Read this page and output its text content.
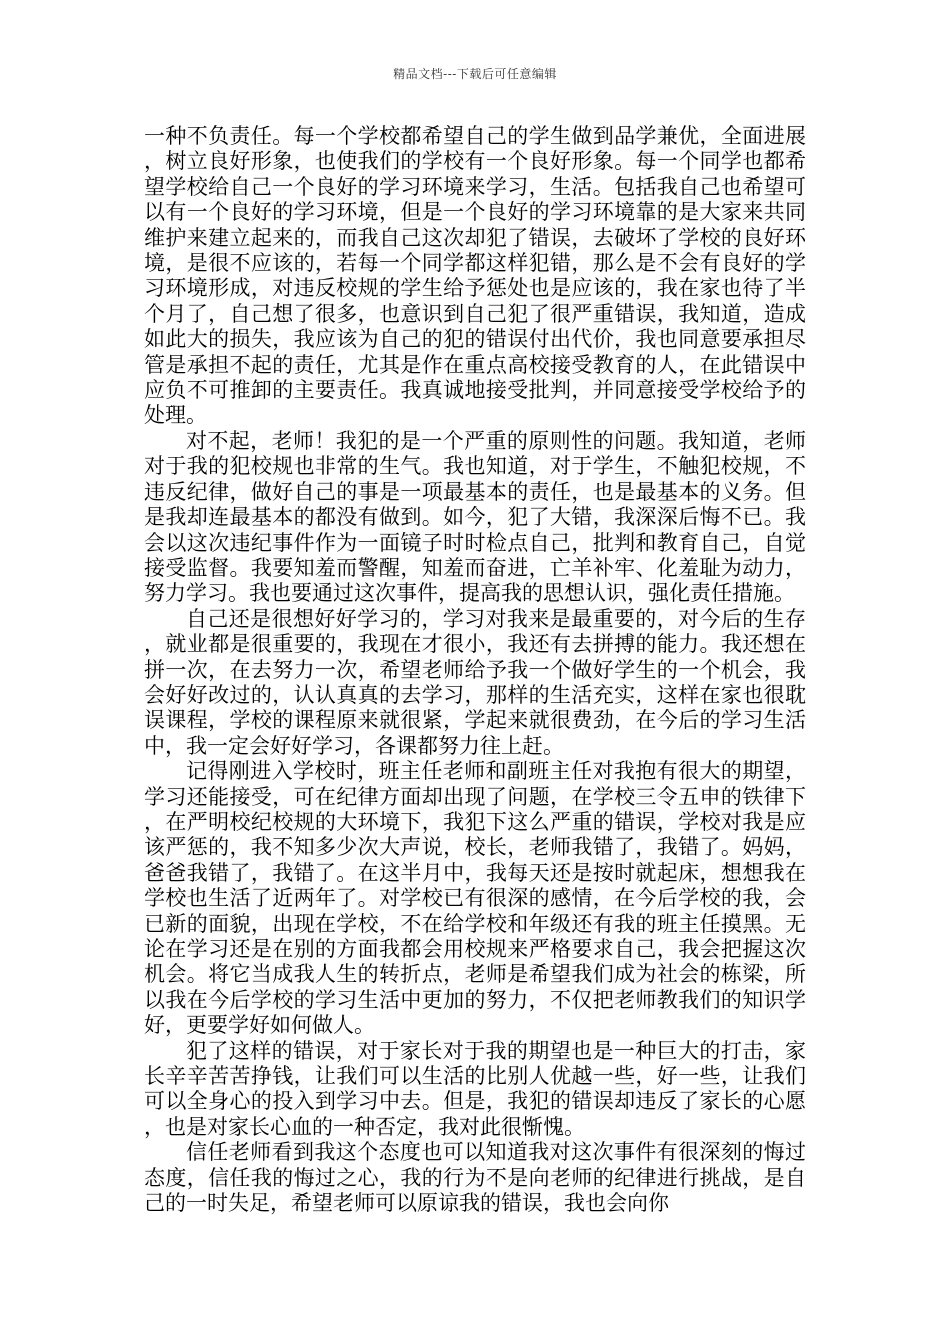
精品文档---下载后可任意编辑

一种不负责任。每一个学校都希望自己的学生做到品学兼优，全面进展，树立良好形象，也使我们的学校有一个良好形象。每一个同学也都希望学校给自己一个良好的学习环境来学习，生活。包括我自己也希望可以有一个良好的学习环境，但是一个良好的学习环境靠的是大家来共同维护来建立起来的，而我自己这次却犯了错误，去破坏了学校的良好环境，是很不应该的，若每一个同学都这样犯错，那么是不会有良好的学习环境形成，对违反校规的学生给予惩处也是应该的，我在家也待了半个月了，自己想了很多，也意识到自己犯了很严重错误，我知道，造成如此大的损失，我应该为自己的犯的错误付出代价，我也同意要承担尽管是承担不起的责任，尤其是作在重点高校接受教育的人，在此错误中应负不可推卸的主要责任。我真诚地接受批判，并同意接受学校给予的处理。

对不起，老师！我犯的是一个严重的原则性的问题。我知道，老师对于我的犯校规也非常的生气。我也知道，对于学生，不触犯校规，不违反纪律，做好自己的事是一项最基本的责任，也是最基本的义务。但是我却连最基本的都没有做到。如今，犯了大错，我深深后悔不已。我会以这次违纪事件作为一面镜子时时检点自己，批判和教育自己，自觉接受监督。我要知羞而警醒，知羞而奋进，亡羊补牢、化羞耻为动力，努力学习。我也要通过这次事件，提高我的思想认识，强化责任措施。

自己还是很想好好学习的，学习对我来是最重要的，对今后的生存，就业都是很重要的，我现在才很小，我还有去拼搏的能力。我还想在拼一次，在去努力一次，希望老师给予我一个做好学生的一个机会，我会好好改过的，认认真真的去学习，那样的生活充实，这样在家也很耽误课程，学校的课程原来就很紧，学起来就很费劲，在今后的学习生活中，我一定会好好学习，各课都努力往上赶。

记得刚进入学校时，班主任老师和副班主任对我抱有很大的期望，学习还能接受，可在纪律方面却出现了问题，在学校三令五申的铁律下，在严明校纪校规的大环境下，我犯下这么严重的错误，学校对我是应该严惩的，我不知多少次大声说，校长，老师我错了，我错了。妈妈，爸爸我错了，我错了。在这半月中，我每天还是按时就起床，想想我在学校也生活了近两年了。对学校已有很深的感情，在今后学校的我，会已新的面貌，出现在学校，不在给学校和年级还有我的班主任摸黑。无论在学习还是在别的方面我都会用校规来严格要求自己，我会把握这次机会。将它当成我人生的转折点，老师是希望我们成为社会的栋梁，所以我在今后学校的学习生活中更加的努力，不仅把老师教我们的知识学好，更要学好如何做人。

犯了这样的错误，对于家长对于我的期望也是一种巨大的打击，家长辛辛苦苦挣钱，让我们可以生活的比别人优越一些，好一些，让我们可以全身心的投入到学习中去。但是，我犯的错误却违反了家长的心愿，也是对家长心血的一种否定，我对此很惭愧。

信任老师看到我这个态度也可以知道我对这次事件有很深刻的悔过态度，信任我的悔过之心，我的行为不是向老师的纪律进行挑战，是自己的一时失足，希望老师可以原谅我的错误，我也会向你
